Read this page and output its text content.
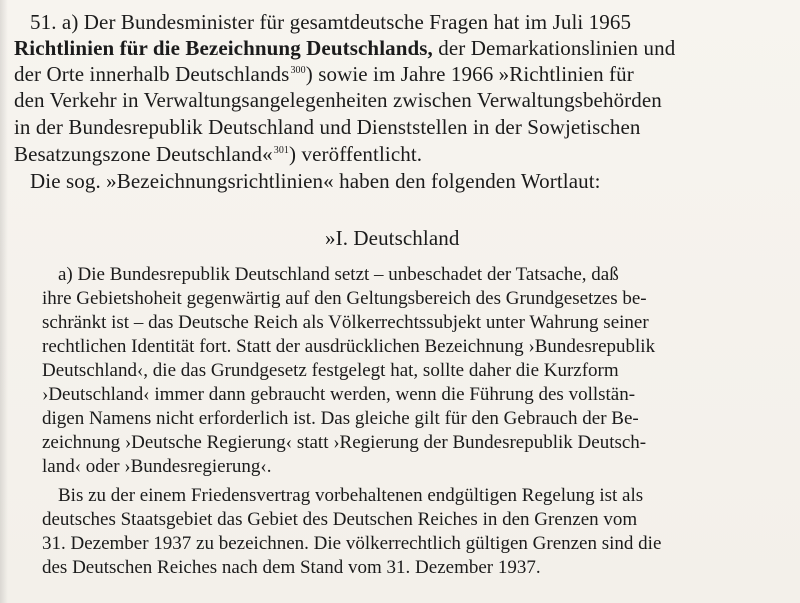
51. a) Der Bundesminister für gesamtdeutsche Fragen hat im Juli 1965
Richtlinien für die Bezeichnung Deutschlands, der Demarkationslinien und
der Orte innerhalb Deutschlands$^{300}$) sowie im Jahre 1966 »Richtlinien für
den Verkehr in Verwaltungsangelegenheiten zwischen Verwaltungsbehörden
in der Bundesrepublik Deutschland und Dienststellen in der Sowjetischen
Besatzungszone Deutschland«$^{301}$) veröffentlicht.
Die sog. »Bezeichnungsrichtlinien« haben den folgenden Wortlaut:
»I. Deutschland
a) Die Bundesrepublik Deutschland setzt – unbeschadet der Tatsache, daß
ihre Gebietshoheit gegenwärtig auf den Geltungsbereich des Grundgesetzes be-
schränkt ist – das Deutsche Reich als Völkerrechtssubjekt unter Wahrung seiner
rechtlichen Identität fort. Statt der ausdrücklichen Bezeichnung ›Bundesrepublik
Deutschland‹, die das Grundgesetz festgelegt hat, sollte daher die Kurzform
›Deutschland‹ immer dann gebraucht werden, wenn die Führung des vollstän-
digen Namens nicht erforderlich ist. Das gleiche gilt für den Gebrauch der Be-
zeichnung ›Deutsche Regierung‹ statt ›Regierung der Bundesrepublik Deutsch-
land‹ oder ›Bundesregierung‹.
Bis zu der einem Friedensvertrag vorbehaltenen endgültigen Regelung ist als
deutsches Staatsgebiet das Gebiet des Deutschen Reiches in den Grenzen vom
31. Dezember 1937 zu bezeichnen. Die völkerrechtlich gültigen Grenzen sind die
des Deutschen Reiches nach dem Stand vom 31. Dezember 1937.
